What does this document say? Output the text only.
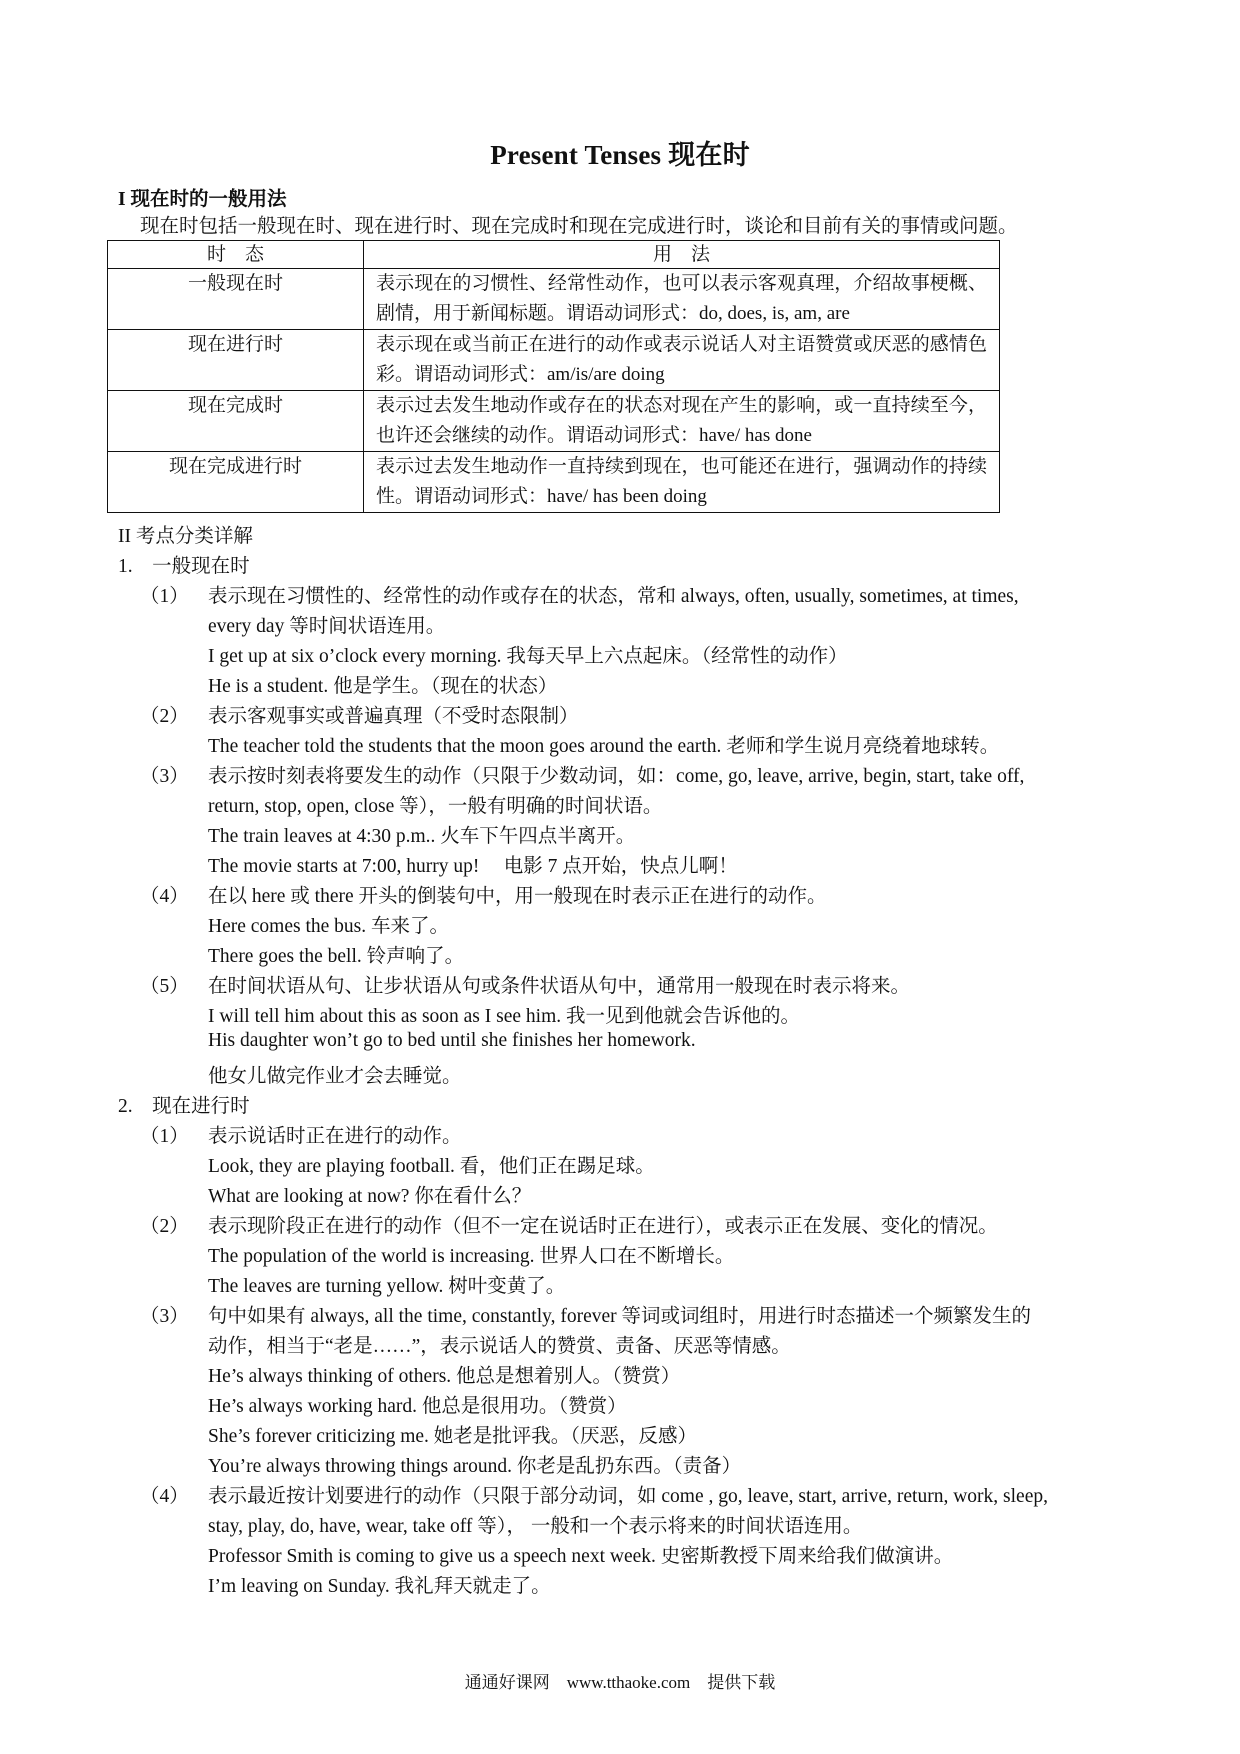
Present Tenses 现在时
I 现在时的一般用法
现在时包括一般现在时、现在进行时、现在完成时和现在完成进行时，谈论和目前有关的事情或问题。
时　态	用　法
一般现在时	表示现在的习惯性、经常性动作，也可以表示客观真理，介绍故事梗概、剧情，用于新闻标题。谓语动词形式：do, does, is, am, are
现在进行时	表示现在或当前正在进行的动作或表示说话人对主语赞赏或厌恶的感情色彩。谓语动词形式：am/is/are doing
现在完成时	表示过去发生地动作或存在的状态对现在产生的影响，或一直持续至今，也许还会继续的动作。谓语动词形式：have/ has done
现在完成进行时	表示过去发生地动作一直持续到现在，也可能还在进行，强调动作的持续性。谓语动词形式：have/ has been doing
II 考点分类详解
1.　一般现在时
（1） 表示现在习惯性的、经常性的动作或存在的状态，常和 always, often, usually, sometimes, at times,
every day 等时间状语连用。
I get up at six o’clock every morning. 我每天早上六点起床。（经常性的动作）
He is a student. 他是学生。（现在的状态）
（2） 表示客观事实或普遍真理（不受时态限制）
The teacher told the students that the moon goes around the earth. 老师和学生说月亮绕着地球转。
（3） 表示按时刻表将要发生的动作（只限于少数动词，如：come, go, leave, arrive, begin, start, take off,
return, stop, open, close 等），一般有明确的时间状语。
The train leaves at 4:30 p.m.. 火车下午四点半离开。
The movie starts at 7:00, hurry up!　 电影 7 点开始，快点儿啊！
（4） 在以 here 或 there 开头的倒装句中，用一般现在时表示正在进行的动作。
Here comes the bus. 车来了。
There goes the bell. 铃声响了。
（5） 在时间状语从句、让步状语从句或条件状语从句中，通常用一般现在时表示将来。
I will tell him about this as soon as I see him. 我一见到他就会告诉他的。
His daughter won’t go to bed until she finishes her homework.
他女儿做完作业才会去睡觉。
2.　现在进行时
（1） 表示说话时正在进行的动作。
Look, they are playing football. 看，他们正在踢足球。
What are looking at now? 你在看什么？
（2） 表示现阶段正在进行的动作（但不一定在说话时正在进行），或表示正在发展、变化的情况。
The population of the world is increasing. 世界人口在不断增长。
The leaves are turning yellow. 树叶变黄了。
（3） 句中如果有 always, all the time, constantly, forever 等词或词组时，用进行时态描述一个频繁发生的
动作，相当于“老是……”，表示说话人的赞赏、责备、厌恶等情感。
He’s always thinking of others. 他总是想着别人。（赞赏）
He’s always working hard. 他总是很用功。（赞赏）
She’s forever criticizing me. 她老是批评我。（厌恶，反感）
You’re always throwing things around. 你老是乱扔东西。（责备）
（4） 表示最近按计划要进行的动作（只限于部分动词，如 come , go, leave, start, arrive, return, work, sleep,
stay, play, do, have, wear, take off 等）， 一般和一个表示将来的时间状语连用。
Professor Smith is coming to give us a speech next week. 史密斯教授下周来给我们做演讲。
I’m leaving on Sunday. 我礼拜天就走了。
通通好课网　www.tthaoke.com　提供下载
